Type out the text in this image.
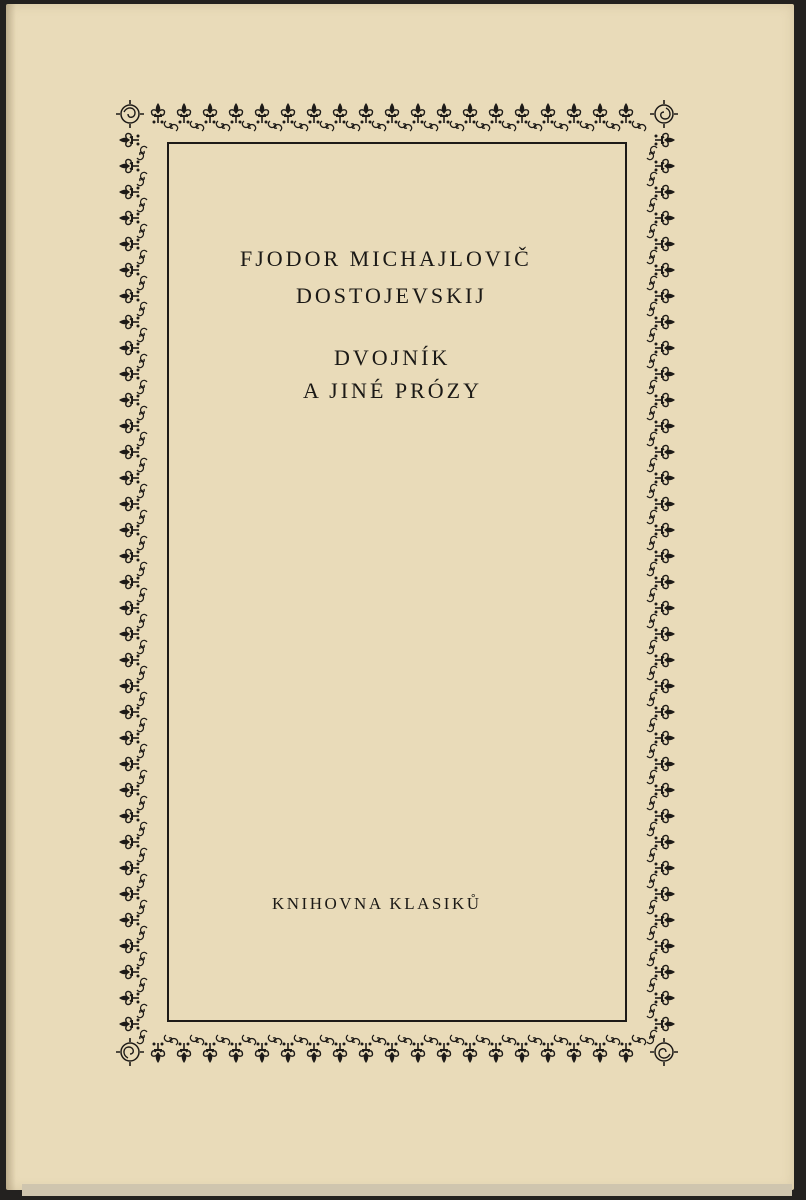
FJODOR MICHAJLOVIČ
DOSTOJEVSKIJ
DVOJNÍK
A JINÉ PRÓZY
KNIHOVNA KLASIKŮ
